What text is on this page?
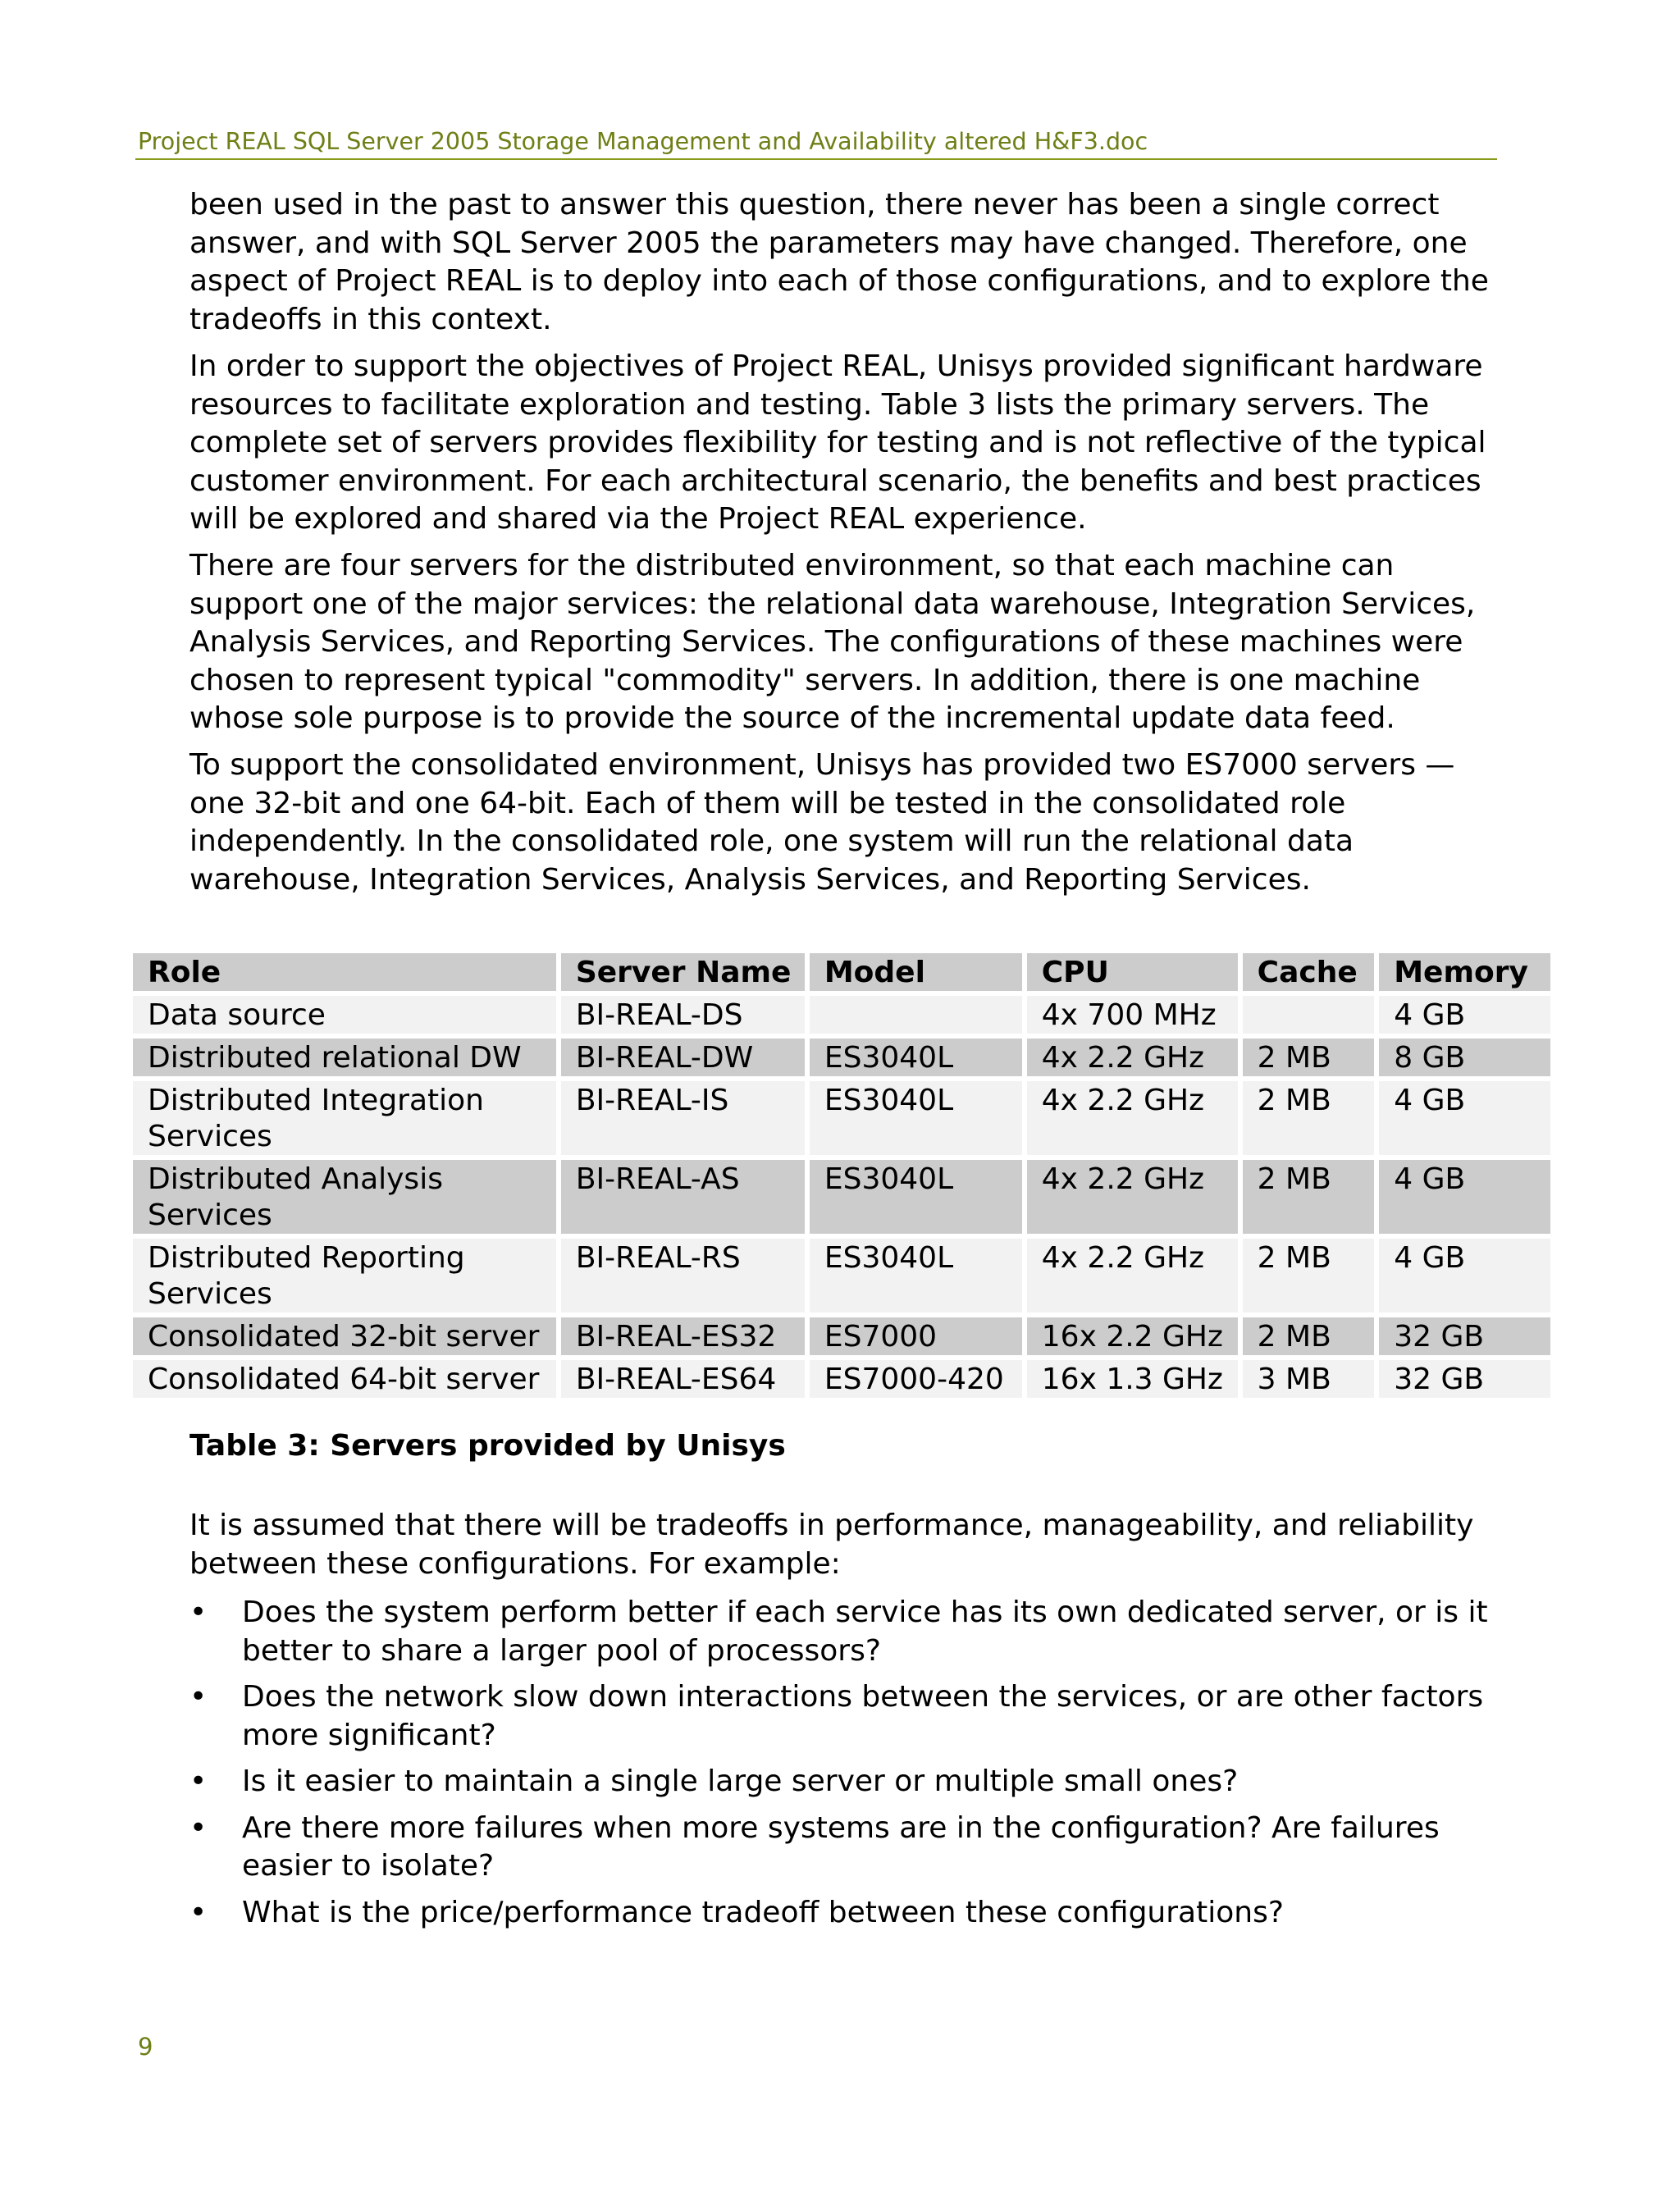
Project REAL SQL Server 2005 Storage Management and Availability altered H&F3.doc

been used in the past to answer this question, there never has been a single correct answer, and with SQL Server 2005 the parameters may have changed. Therefore, one aspect of Project REAL is to deploy into each of those configurations, and to explore the tradeoffs in this context.

In order to support the objectives of Project REAL, Unisys provided significant hardware resources to facilitate exploration and testing. Table 3 lists the primary servers. The complete set of servers provides flexibility for testing and is not reflective of the typical customer environment. For each architectural scenario, the benefits and best practices will be explored and shared via the Project REAL experience.

There are four servers for the distributed environment, so that each machine can support one of the major services: the relational data warehouse, Integration Services, Analysis Services, and Reporting Services. The configurations of these machines were chosen to represent typical "commodity" servers. In addition, there is one machine whose sole purpose is to provide the source of the incremental update data feed.

To support the consolidated environment, Unisys has provided two ES7000 servers — one 32-bit and one 64-bit. Each of them will be tested in the consolidated role independently. In the consolidated role, one system will run the relational data warehouse, Integration Services, Analysis Services, and Reporting Services.

Role	Server Name	Model	CPU	Cache	Memory
Data source	BI-REAL-DS		4x 700 MHz		4 GB
Distributed relational DW	BI-REAL-DW	ES3040L	4x 2.2 GHz	2 MB	8 GB
Distributed Integration Services	BI-REAL-IS	ES3040L	4x 2.2 GHz	2 MB	4 GB
Distributed Analysis Services	BI-REAL-AS	ES3040L	4x 2.2 GHz	2 MB	4 GB
Distributed Reporting Services	BI-REAL-RS	ES3040L	4x 2.2 GHz	2 MB	4 GB
Consolidated 32-bit server	BI-REAL-ES32	ES7000	16x 2.2 GHz	2 MB	32 GB
Consolidated 64-bit server	BI-REAL-ES64	ES7000-420	16x 1.3 GHz	3 MB	32 GB
Table 3: Servers provided by Unisys

It is assumed that there will be tradeoffs in performance, manageability, and reliability between these configurations. For example:

• Does the system perform better if each service has its own dedicated server, or is it better to share a larger pool of processors?
• Does the network slow down interactions between the services, or are other factors more significant?
• Is it easier to maintain a single large server or multiple small ones?
• Are there more failures when more systems are in the configuration? Are failures easier to isolate?
• What is the price/performance tradeoff between these configurations?
9
